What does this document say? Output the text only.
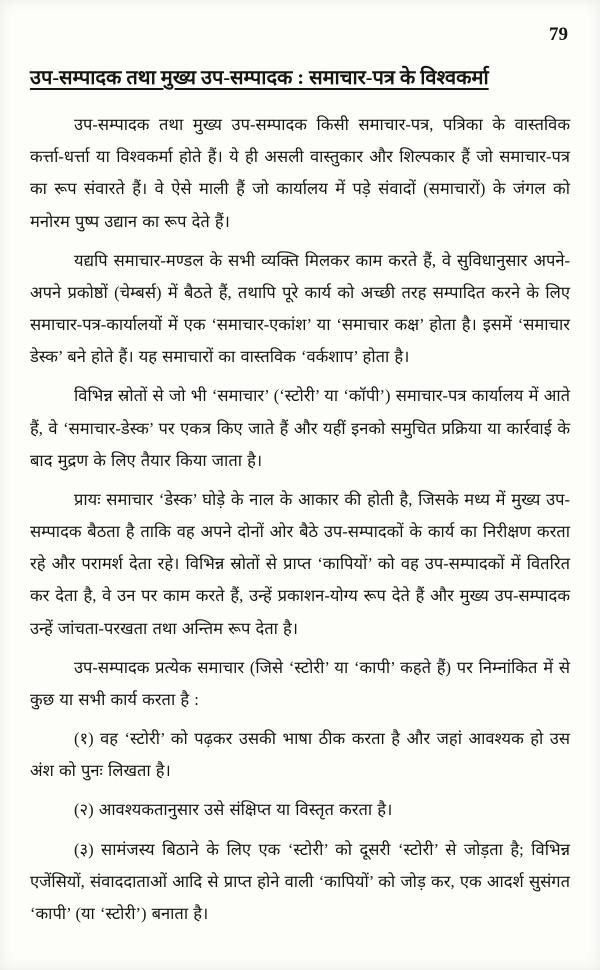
79
उप-सम्पादक तथा मुख्य उप-सम्पादक : समाचार-पत्र के विश्वकर्मा

उप-सम्पादक तथा मुख्य उप-सम्पादक किसी समाचार-पत्र, पत्रिका के वास्तविक कर्त्ता-धर्त्ता या विश्वकर्मा होते हैं। ये ही असली वास्तुकार और शिल्पकार हैं जो समाचार-पत्र का रूप संवारते हैं। वे ऐसे माली हैं जो कार्यालय में पड़े संवादों (समाचारों) के जंगल को मनोरम पुष्प उद्यान का रूप देते हैं।

यद्यपि समाचार-मण्डल के सभी व्यक्ति मिलकर काम करते हैं, वे सुविधानुसार अपने-अपने प्रकोष्ठों (चेम्बर्स) में बैठते हैं, तथापि पूरे कार्य को अच्छी तरह सम्पादित करने के लिए समाचार-पत्र-कार्यालयों में एक ‘समाचार-एकांश’ या ‘समाचार कक्ष’ होता है। इसमें ‘समाचार डेस्क’ बने होते हैं। यह समाचारों का वास्तविक ‘वर्कशाप’ होता है।

विभिन्न स्रोतों से जो भी ‘समाचार’ (‘स्टोरी’ या ‘कॉपी’) समाचार-पत्र कार्यालय में आते हैं, वे ‘समाचार-डेस्क’ पर एकत्र किए जाते हैं और यहीं इनको समुचित प्रक्रिया या कार्रवाई के बाद मुद्रण के लिए तैयार किया जाता है।

प्रायः समाचार ‘डेस्क’ घोड़े के नाल के आकार की होती है, जिसके मध्य में मुख्य उप-सम्पादक बैठता है ताकि वह अपने दोनों ओर बैठे उप-सम्पादकों के कार्य का निरीक्षण करता रहे और परामर्श देता रहे। विभिन्न स्रोतों से प्राप्त ‘कापियों’ को वह उप-सम्पादकों में वितरित कर देता है, वे उन पर काम करते हैं, उन्हें प्रकाशन-योग्य रूप देते हैं और मुख्य उप-सम्पादक उन्हें जांचता-परखता तथा अन्तिम रूप देता है।

उप-सम्पादक प्रत्येक समाचार (जिसे ‘स्टोरी’ या ‘कापी’ कहते हैं) पर निम्नांकित में से कुछ या सभी कार्य करता है :

(१) वह ‘स्टोरी’ को पढ़कर उसकी भाषा ठीक करता है और जहां आवश्यक हो उस अंश को पुनः लिखता है।

(२) आवश्यकतानुसार उसे संक्षिप्त या विस्तृत करता है।

(३) सामंजस्य बिठाने के लिए एक ‘स्टोरी’ को दूसरी ‘स्टोरी’ से जोड़ता है; विभिन्न एजेंसियों, संवाददाताओं आदि से प्राप्त होने वाली ‘कापियों’ को जोड़ कर, एक आदर्श सुसंगत ‘कापी’ (या ‘स्टोरी’) बनाता है।
